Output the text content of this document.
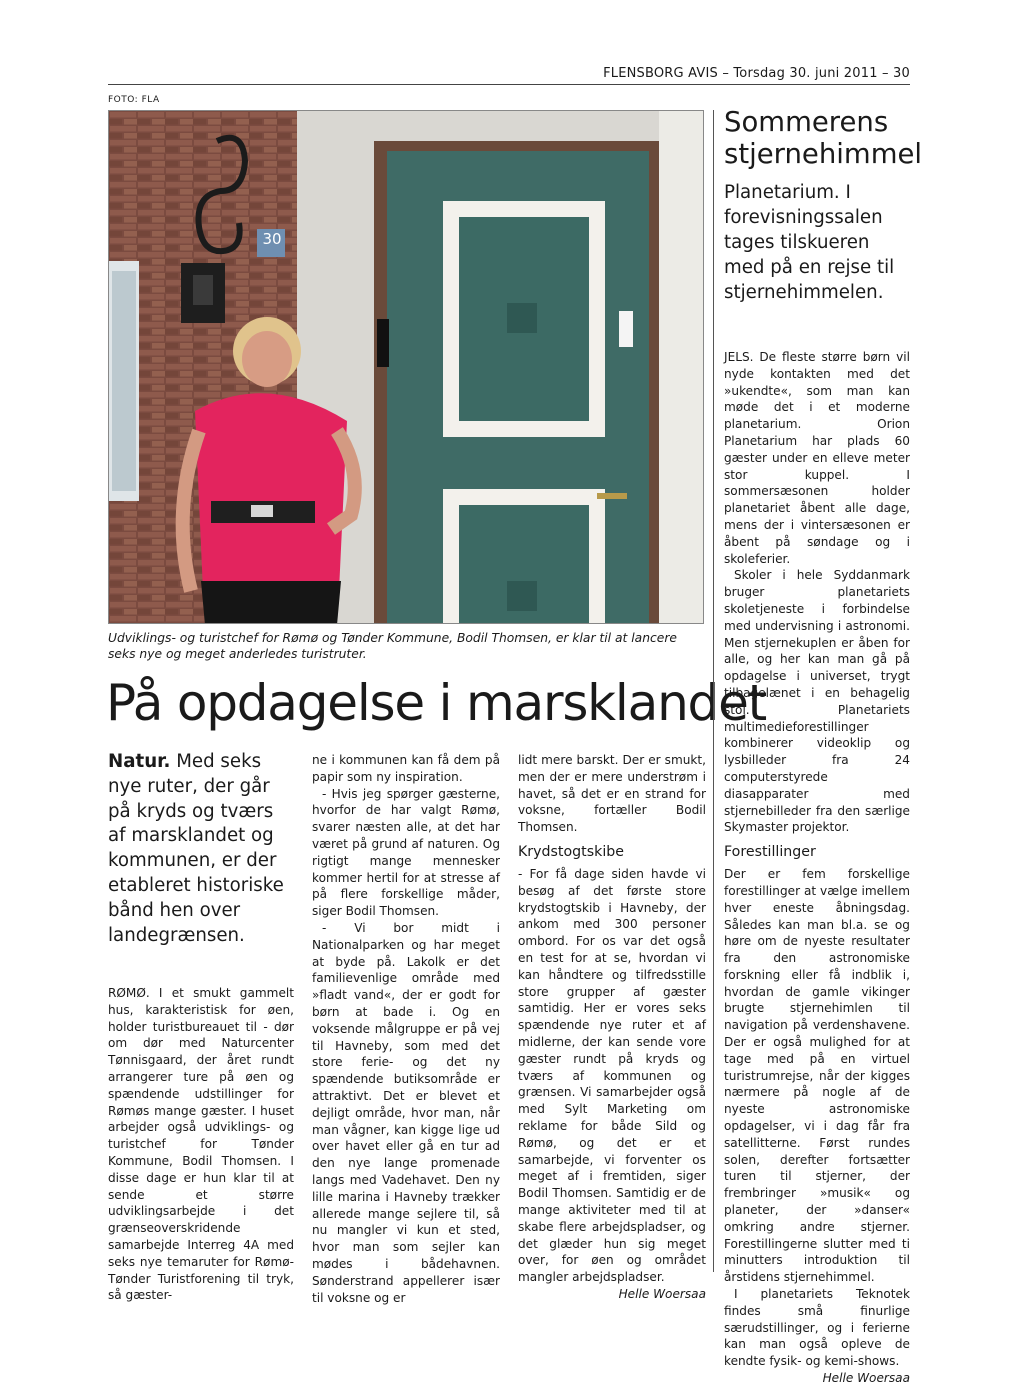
FLENSBORG AVIS – Torsdag 30. juni 2011 – 30
FOTO: FLA
30
Udviklings- og turistchef for Rømø og Tønder Kommune, Bodil Thomsen, er klar til at lancere seks nye og meget anderledes turistruter.
På opdagelse i marsklandet
Natur. Med seks nye ruter, der går på kryds og tværs af marsklandet og kommunen, er der etableret historiske bånd hen over landegrænsen.

RØMØ. I et smukt gammelt hus, karakteristisk for øen, holder turistbureauet til - dør om dør med Naturcenter Tønnisgaard, der året rundt arrangerer ture på øen og spændende udstillinger for Rømøs mange gæster. I huset arbejder også udviklings- og turistchef for Tønder Kommune, Bodil Thomsen. I disse dage er hun klar til at sende et større udviklingsarbejde i det grænseoverskridende samarbejde Interreg 4A med seks nye temaruter for Rømø-Tønder Turistforening til tryk, så gæster-

ne i kommunen kan få dem på papir som ny inspiration.

- Hvis jeg spørger gæsterne, hvorfor de har valgt Rømø, svarer næsten alle, at det har været på grund af naturen. Og rigtigt mange mennesker kommer hertil for at stresse af på flere forskellige måder, siger Bodil Thomsen.

- Vi bor midt i Nationalparken og har meget at byde på. Lakolk er det familievenlige område med »fladt vand«, der er godt for børn at bade i. Og en voksende målgruppe er på vej til Havneby, som med det store ferie- og det ny spændende butiksområde er attraktivt. Det er blevet et dejligt område, hvor man, når man vågner, kan kigge lige ud over havet eller gå en tur ad den nye lange promenade langs med Vadehavet. Den ny lille marina i Havneby trækker allerede mange sejlere til, så nu mangler vi kun et sted, hvor man som sejler kan mødes i bådehavnen. Sønderstrand appellerer især til voksne og er

lidt mere barskt. Der er smukt, men der er mere understrøm i havet, så det er en strand for voksne, fortæller Bodil Thomsen.

Krydstogtskibe

- For få dage siden havde vi besøg af det første store krydstogtskib i Havneby, der ankom med 300 personer ombord. For os var det også en test for at se, hvordan vi kan håndtere og tilfredsstille store grupper af gæster samtidig. Her er vores seks spændende nye ruter et af midlerne, der kan sende vore gæster rundt på kryds og tværs af kommunen og grænsen. Vi samarbejder også med Sylt Marketing om reklame for både Sild og Rømø, og det er et samarbejde, vi forventer os meget af i fremtiden, siger Bodil Thomsen. Samtidig er de mange aktiviteter med til at skabe flere arbejdspladser, og det glæder hun sig meget over, for øen og området mangler arbejdspladser.
Helle Woersaa

Sommerens stjernehimmel
Planetarium. I forevisningssalen tages tilskueren med på en rejse til stjernehimmelen.

JELS. De fleste større børn vil nyde kontakten med det »ukendte«, som man kan møde det i et moderne planetarium. Orion Planetarium har plads 60 gæster under en elleve meter stor kuppel. I sommersæsonen holder planetariet åbent alle dage, mens der i vintersæsonen er åbent på søndage og i skoleferier.

Skoler i hele Syddanmark bruger planetariets skoletjeneste i forbindelse med undervisning i astronomi. Men stjernekuplen er åben for alle, og her kan man gå på opdagelse i universet, trygt tilbagelænet i en behagelig stol. Planetariets multimedieforestillinger kombinerer videoklip og lysbilleder fra 24 computerstyrede diasapparater med stjernebilleder fra den særlige Skymaster projektor.

Forestillinger

Der er fem forskellige forestillinger at vælge imellem hver eneste åbningsdag. Således kan man bl.a. se og høre om de nyeste resultater fra den astronomiske forskning eller få indblik i, hvordan de gamle vikinger brugte stjernehimlen til navigation på verdenshavene. Der er også mulighed for at tage med på en virtuel turistrumrejse, når der kigges nærmere på nogle af de nyeste astronomiske opdagelser, vi i dag får fra satellitterne. Først rundes solen, derefter fortsætter turen til stjerner, der frembringer »musik« og planeter, der »danser« omkring andre stjerner. Forestillingerne slutter med ti minutters introduktion til årstidens stjernehimmel.

I planetariets Teknotek findes små finurlige særudstillinger, og i ferierne kan man også opleve de kendte fysik- og kemi-shows.
Helle Woersaa
